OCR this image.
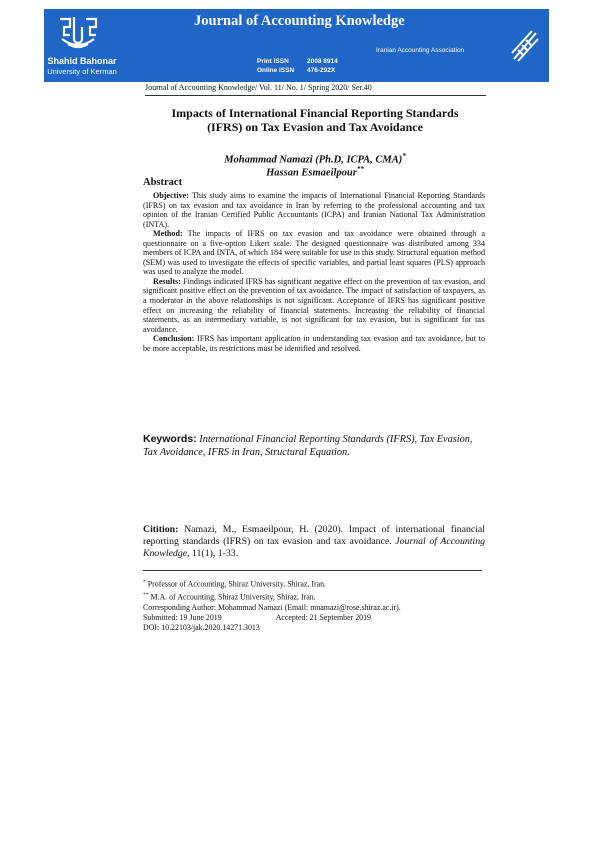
Shahid Bahonar
University of Kerman
Journal of Accounting Knowledge
Print ISSN	2008 8914
Online ISSN 476-292X
Iranian Accounting Association
Journal of Accounting Knowledge/ Vol. 11/ No. 1/ Spring 2020/ Ser.40
Impacts of International Financial Reporting Standards
(IFRS) on Tax Evasion and Tax Avoidance
Mohammad Namazi (Ph.D, ICPA, CMA)*
Hassan Esmaeilpour**
Abstract

Objective: This study aims to examine the impacts of International Financial Reporting Standards (IFRS) on tax evasion and tax avoidance in Iran by referring to the professional accounting and tax opinion of the Iranian Certified Public Accountants (ICPA) and Iranian National Tax Administration (INTA).

Method: The impacts of IFRS on tax evasion and tax avoidance were obtained through a questionnaire on a five-option Likert scale. The designed questionnaire was distributed among 334 members of ICPA and INTA, of which 184 were suitable for use in this study. Structural equation method (SEM) was used to investigate the effects of specific variables, and partial least squares (PLS) approach was used to analyze the model.

Results: Findings indicated IFRS has significant negative effect on the prevention of tax evasion, and significant positive effect on the prevention of tax avoidance. The impact of satisfaction of taxpayers, as a moderator in the above relationships is not significant. Acceptance of IFRS has significant positive effect on increasing the reliability of financial statements. Increasing the reliability of financial statements, as an intermediary variable, is not significant for tax evasion, but is significant for tax avoidance.

Conclusion: IFRS has important application in understanding tax evasion and tax avoidance, but to be more acceptable, its restrictions must be identified and resolved.

Keywords: International Financial Reporting Standards (IFRS), Tax Evasion, Tax Avoidance, IFRS in Iran, Structural Equation.
Citition: Namazi, M., Esmaeilpour, H. (2020). Impact of international financial reporting standards (IFRS) on tax evasion and tax avoidance. Journal of Accounting Knowledge, 11(1), 1-33.
* Professor of Accounting, Shiraz University, Shiraz, Iran.
** M.A. of Accounting, Shiraz University, Shiraz, Iran.
Corresponding Author: Mohammad Namazi (Email: mnamazi@rose.shiraz.ac.ir).
Submitted: 19 June 2019	Accepted: 21 September 2019
DOI: 10.22103/jak.2020.14271.3013
